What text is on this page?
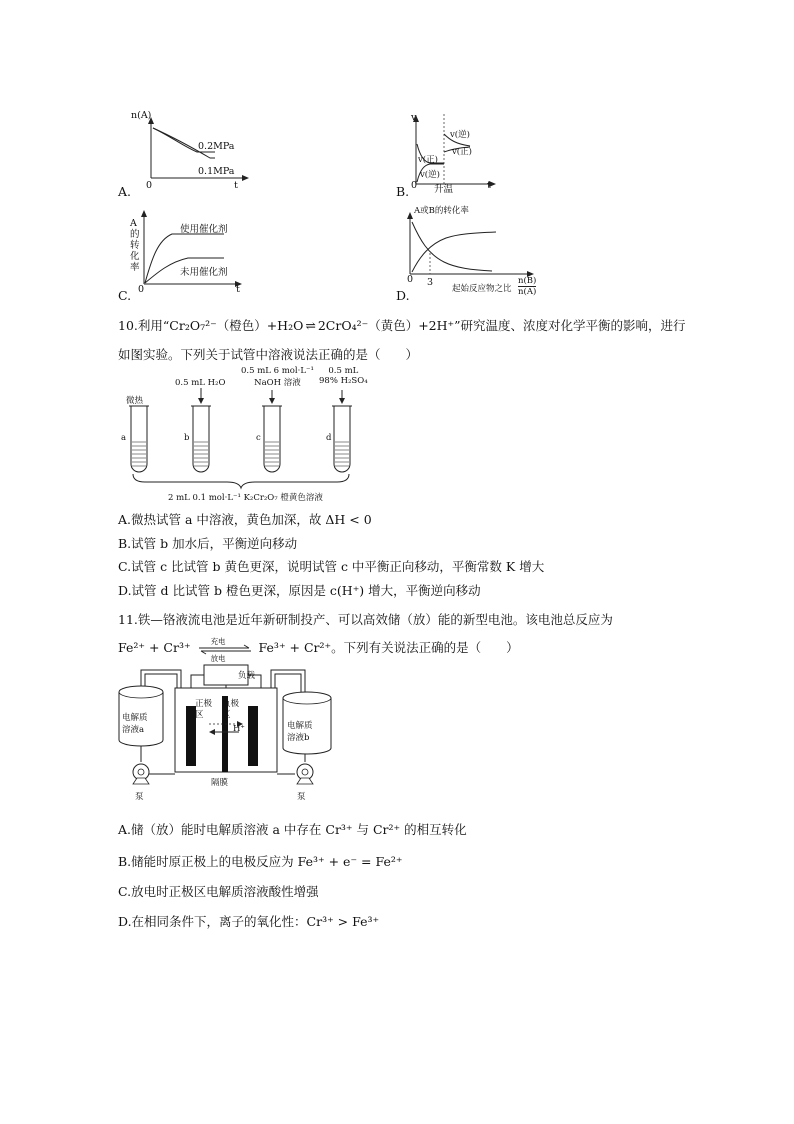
n(A)
0.2MPa
0.1MPa
0	t
A.
v
v(正)
v(逆)
v(逆)
v(正)
0 升温	t
B.
A
的
转
化
率
使用催化剂
未用催化剂
0	t
C.
A或B的转化率
0 3
起始反应物之比 $\frac{n(B)}{n(A)}$
D.
10.利用“Cr₂O₇²⁻（橙色）+H₂O ⇌ 2CrO₄²⁻（黄色）+2H⁺”研究温度、浓度对化学平衡的影响，进行
如图实验。下列关于试管中溶液说法正确的是（　　）
微热
a
0.5 mL H₂O
b
0.5 mL 6 mol·L⁻¹
NaOH 溶液
c
0.5 mL
98% H₂SO₄
d
2 mL 0.1 mol·L⁻¹ K₂Cr₂O₇ 橙黄色溶液
A.微热试管 a 中溶液，黄色加深，故 ΔH < 0
B.试管 b 加水后，平衡逆向移动
C.试管 c 比试管 b 黄色更深，说明试管 c 中平衡正向移动，平衡常数 K 增大
D.试管 d 比试管 b 橙色更深，原因是 c(H⁺) 增大，平衡逆向移动
11.铁—铬液流电池是近年新研制投产、可以高效储（放）能的新型电池。该电池总反应为
Fe²⁺ + Cr³⁺	充电
放电
Fe³⁺ + Cr²⁺。下列有关说法正确的是（　　）
负载
正极
区
负极
区
H⁺
隔膜
电解质
溶液a	电解质
溶液b
泵	泵
A.储（放）能时电解质溶液 a 中存在 Cr³⁺ 与 Cr²⁺ 的相互转化
B.储能时原正极上的电极反应为 Fe³⁺ + e⁻ = Fe²⁺
C.放电时正极区电解质溶液酸性增强
D.在相同条件下，离子的氧化性：Cr³⁺ > Fe³⁺
